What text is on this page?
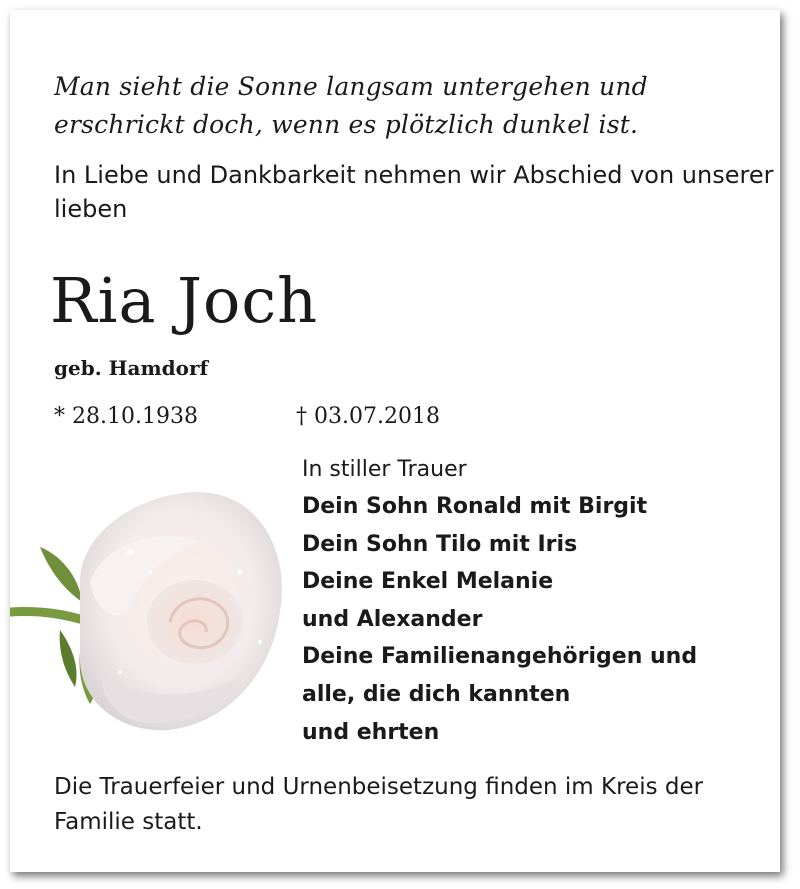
Man sieht die Sonne langsam untergehen und
erschrickt doch, wenn es plötzlich dunkel ist.
In Liebe und Dankbarkeit nehmen wir Abschied von unserer lieben
Ria Joch
geb. Hamdorf
* 28.10.1938	† 03.07.2018
In stiller Trauer
Dein Sohn Ronald mit Birgit
Dein Sohn Tilo mit Iris
Deine Enkel Melanie
und Alexander
Deine Familienangehörigen und
alle, die dich kannten
und ehrten
Die Trauerfeier und Urnenbeisetzung finden im Kreis der Familie statt.
